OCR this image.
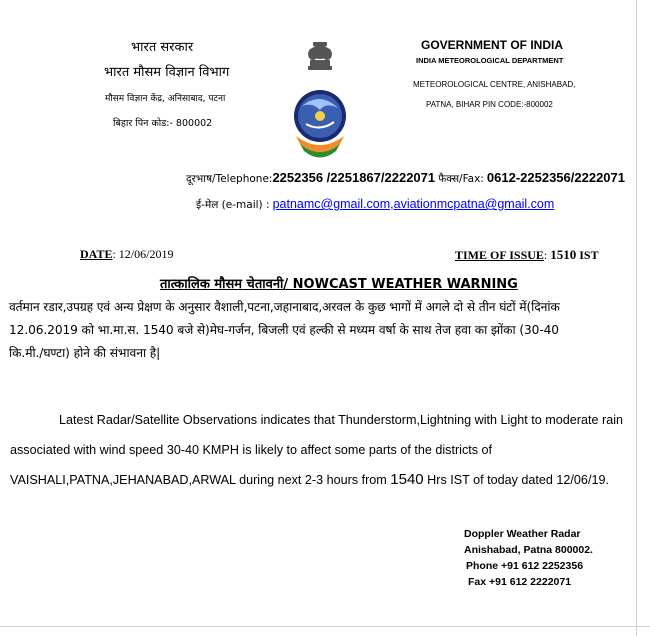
भारत सरकार
भारत मौसम विज्ञान विभाग
मौसम विज्ञान केंद्र, अनिसाबाद, पटना
बिहार पिन कोड:- 800002
GOVERNMENT OF INDIA
INDIA METEOROLOGICAL DEPARTMENT
METEOROLOGICAL CENTRE, ANISHABAD,
PATNA, BIHAR PIN CODE:-800002
दूरभाष/Telephone:2252356 /2251867/2222071 फैक्स/Fax: 0612-2252356/2222071
ई-मेल (e-mail) : patnamc@gmail.com,aviationmcpatna@gmail.com
DATE: 12/06/2019	TIME OF ISSUE: 1510 IST
तात्कालिक मौसम चेतावनी/ NOWCAST WEATHER WARNING
वर्तमान रडार,उपग्रह एवं अन्य प्रेक्षण के अनुसार वैशाली,पटना,जहानाबाद,अरवल के कुछ भागों में अगले दो से तीन घंटों में(दिनांक
12.06.2019 को भा.मा.स. 1540 बजे से)मेघ-गर्जन, बिजली एवं हल्की से मध्यम वर्षा के साथ तेज हवा का झोंका (30-40
कि.मी./घण्टा) होने की संभावना है|
Latest Radar/Satellite Observations indicates that Thunderstorm,Lightning with Light to moderate rain
associated with wind speed 30-40 KMPH is likely to affect some parts of the districts of
VAISHALI,PATNA,JEHANABAD,ARWAL during next 2-3 hours from 1540 Hrs IST of today dated 12/06/19.
Doppler Weather Radar
Anishabad, Patna 800002.
Phone +91 612 2252356
Fax +91 612 2222071
